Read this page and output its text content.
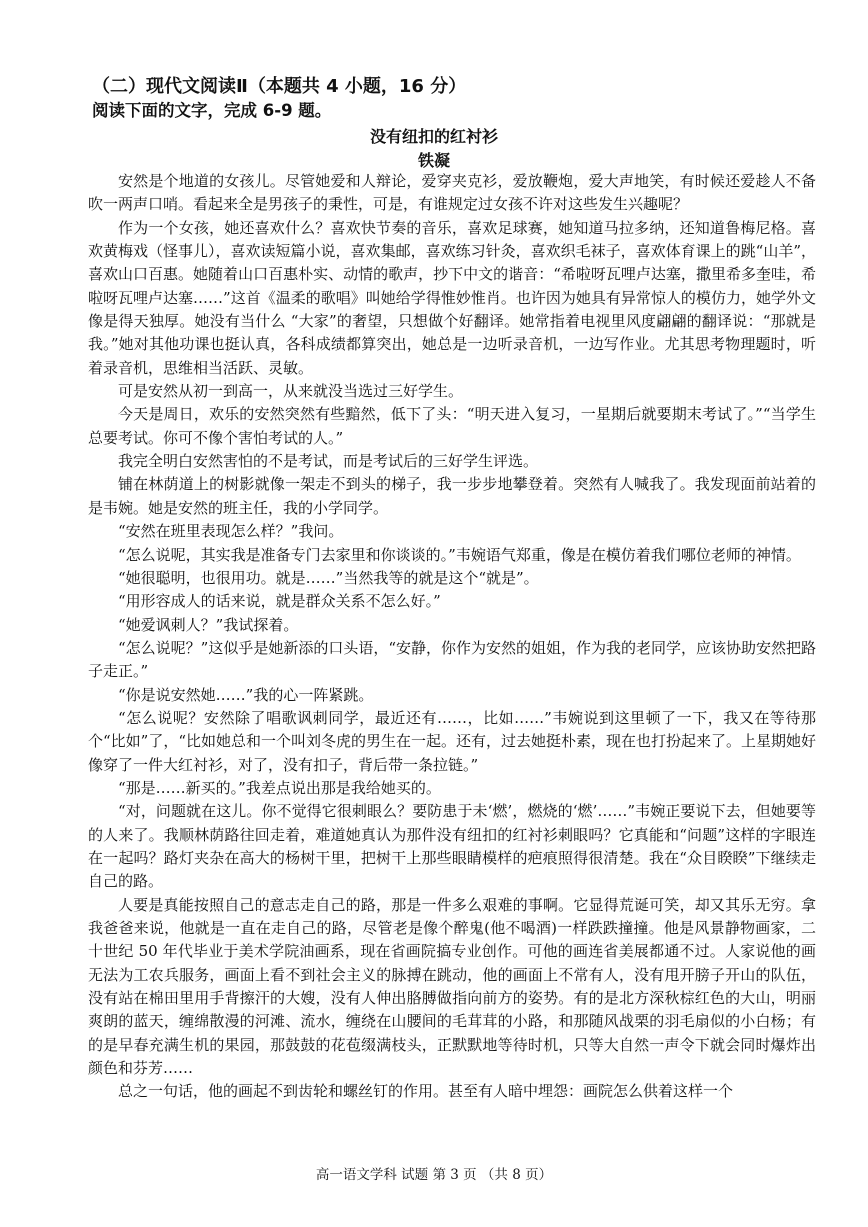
（二）现代文阅读Ⅱ（本题共 4 小题，16 分）
阅读下面的文字，完成 6-9 题。
没有纽扣的红衬衫
铁凝

安然是个地道的女孩儿。尽管她爱和人辩论，爱穿夹克衫，爱放鞭炮，爱大声地笑，有时候还爱趁人不备吹一两声口哨。看起来全是男孩子的秉性，可是，有谁规定过女孩不许对这些发生兴趣呢？

作为一个女孩，她还喜欢什么？喜欢快节奏的音乐，喜欢足球赛，她知道马拉多纳，还知道鲁梅尼格。喜欢黄梅戏（怪事儿），喜欢读短篇小说，喜欢集邮，喜欢练习针灸，喜欢织毛袜子，喜欢体育课上的跳“山羊”，喜欢山口百惠。她随着山口百惠朴实、动情的歌声，抄下中文的谐音：“希啦呀瓦哩卢达塞，撒里希多奎哇，希啦呀瓦哩卢达塞……”这首《温柔的歌唱》叫她给学得惟妙惟肖。也许因为她具有异常惊人的模仿力，她学外文像是得天独厚。她没有当什么 “大家”的奢望，只想做个好翻译。她常指着电视里风度翩翩的翻译说：“那就是我。”她对其他功课也挺认真，各科成绩都算突出，她总是一边听录音机，一边写作业。尤其思考物理题时，听着录音机，思维相当活跃、灵敏。

可是安然从初一到高一，从来就没当选过三好学生。

今天是周日，欢乐的安然突然有些黯然，低下了头：“明天进入复习，一星期后就要期末考试了。”“当学生总要考试。你可不像个害怕考试的人。”

我完全明白安然害怕的不是考试，而是考试后的三好学生评选。

铺在林荫道上的树影就像一架走不到头的梯子，我一步步地攀登着。突然有人喊我了。我发现面前站着的是韦婉。她是安然的班主任，我的小学同学。

“安然在班里表现怎么样？”我问。

“怎么说呢，其实我是准备专门去家里和你谈谈的。”韦婉语气郑重，像是在模仿着我们哪位老师的神情。

“她很聪明，也很用功。就是……”当然我等的就是这个“就是”。

“用形容成人的话来说，就是群众关系不怎么好。”

“她爱讽刺人？”我试探着。

“怎么说呢？”这似乎是她新添的口头语，“安静，你作为安然的姐姐，作为我的老同学，应该协助安然把路子走正。”

“你是说安然她……”我的心一阵紧跳。

“怎么说呢？安然除了唱歌讽刺同学，最近还有……，比如……”韦婉说到这里顿了一下，我又在等待那个“比如”了，“比如她总和一个叫刘冬虎的男生在一起。还有，过去她挺朴素，现在也打扮起来了。上星期她好像穿了一件大红衬衫，对了，没有扣子，背后带一条拉链。”

“那是……新买的。”我差点说出那是我给她买的。

“对，问题就在这儿。你不觉得它很刺眼么？要防患于未‘燃’，燃烧的‘燃’……”韦婉正要说下去，但她要等的人来了。我顺林荫路往回走着，难道她真认为那件没有纽扣的红衬衫刺眼吗？它真能和“问题”这样的字眼连在一起吗？路灯夹杂在高大的杨树干里，把树干上那些眼睛模样的疤痕照得很清楚。我在“众目睽睽”下继续走自己的路。

人要是真能按照自己的意志走自己的路，那是一件多么艰难的事啊。它显得荒诞可笑，却又其乐无穷。拿我爸爸来说，他就是一直在走自己的路，尽管老是像个醉鬼(他不喝酒)一样跌跌撞撞。他是风景静物画家，二十世纪 50 年代毕业于美术学院油画系，现在省画院搞专业创作。可他的画连省美展都通不过。人家说他的画无法为工农兵服务，画面上看不到社会主义的脉搏在跳动，他的画面上不常有人，没有甩开膀子开山的队伍，没有站在棉田里用手背擦汗的大嫂，没有人伸出胳膊做指向前方的姿势。有的是北方深秋棕红色的大山，明丽爽朗的蓝天，缠绵散漫的河滩、流水，缠绕在山腰间的毛茸茸的小路，和那随风战栗的羽毛扇似的小白杨；有的是早春充满生机的果园，那鼓鼓的花苞缀满枝头，正默默地等待时机，只等大自然一声令下就会同时爆炸出颜色和芬芳……

总之一句话，他的画起不到齿轮和螺丝钉的作用。甚至有人暗中埋怨：画院怎么供着这样一个

高一语文学科 试题 第 3 页 （共 8 页）
